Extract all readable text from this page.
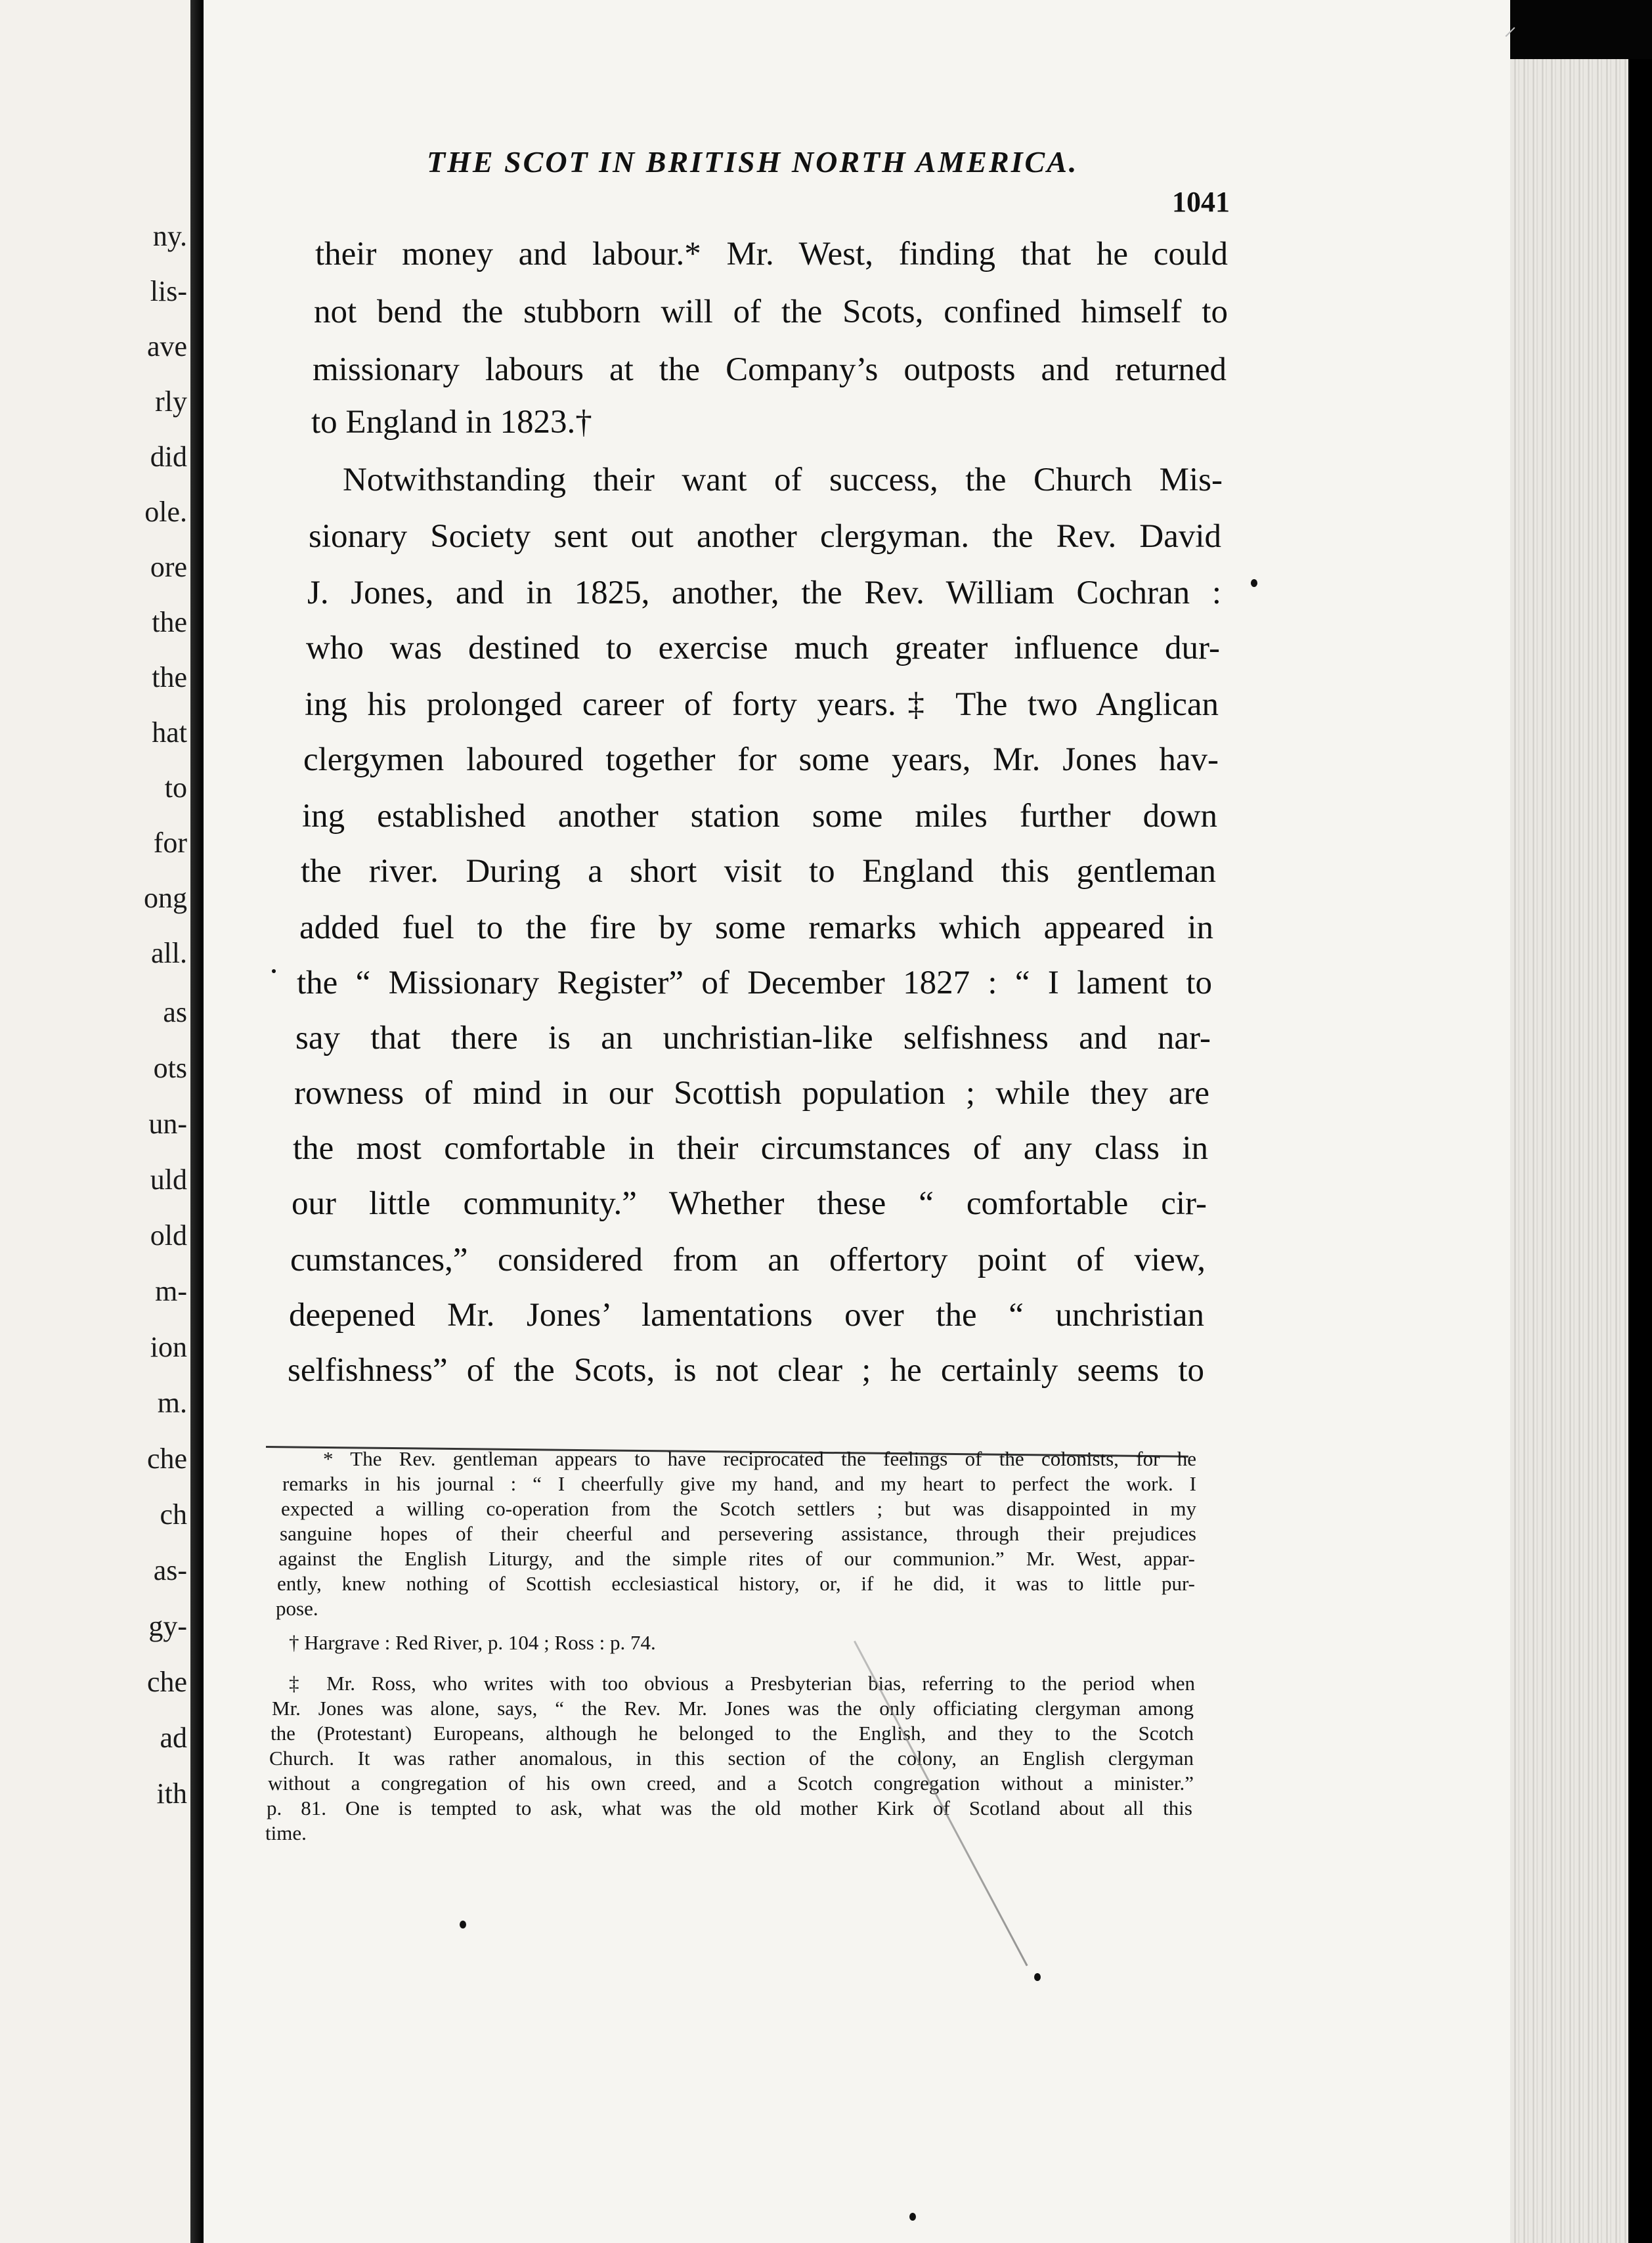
ny.
lis-
ave
rly
did
ole.
ore
the
the
hat
to
for
ong
all.
as
ots
un-
uld
old
m-
ion
m.
che
ch
as-
gy-
che
ad
ith
⸝
THE SCOT IN BRITISH NORTH AMERICA.
1041
their money and labour.* Mr. West, finding that he could
not bend the stubborn will of the Scots, confined himself to
missionary labours at the Company’s outposts and returned
to England in 1823.†
Notwithstanding their want of success, the Church Mis-
sionary Society sent out another clergyman. the Rev. David
J. Jones, and in 1825, another, the Rev. William Cochran :
who was destined to exercise much greater influence dur-
ing his prolonged career of forty years.‡ The two Anglican
clergymen laboured together for some years, Mr. Jones hav-
ing established another station some miles further down
the river. During a short visit to England this gentleman
added fuel to the fire by some remarks which appeared in
the “ Missionary Register” of December 1827 : “ I lament to
say that there is an unchristian-like selfishness and nar-
rowness of mind in our Scottish population ; while they are
the most comfortable in their circumstances of any class in
our little community.” Whether these “ comfortable cir-
cumstances,” considered from an offertory point of view,
deepened Mr. Jones’ lamentations over the “ unchristian
selfishness” of the Scots, is not clear ; he certainly seems to
* The Rev. gentleman appears to have reciprocated the feelings of the colonists, for he
remarks in his journal : “ I cheerfully give my hand, and my heart to perfect the work. I
expected a willing co-operation from the Scotch settlers ; but was disappointed in my
sanguine hopes of their cheerful and persevering assistance, through their prejudices
against the English Liturgy, and the simple rites of our communion.” Mr. West, appar-
ently, knew nothing of Scottish ecclesiastical history, or, if he did, it was to little pur-
pose.
† Hargrave : Red River, p. 104 ; Ross : p. 74.
‡ Mr. Ross, who writes with too obvious a Presbyterian bias, referring to the period when
Mr. Jones was alone, says, “ the Rev. Mr. Jones was the only officiating clergyman among
the (Protestant) Europeans, although he belonged to the English, and they to the Scotch
Church. It was rather anomalous, in this section of the colony, an English clergyman
without a congregation of his own creed, and a Scotch congregation without a minister.”
p. 81. One is tempted to ask, what was the old mother Kirk of Scotland about all this
time.
